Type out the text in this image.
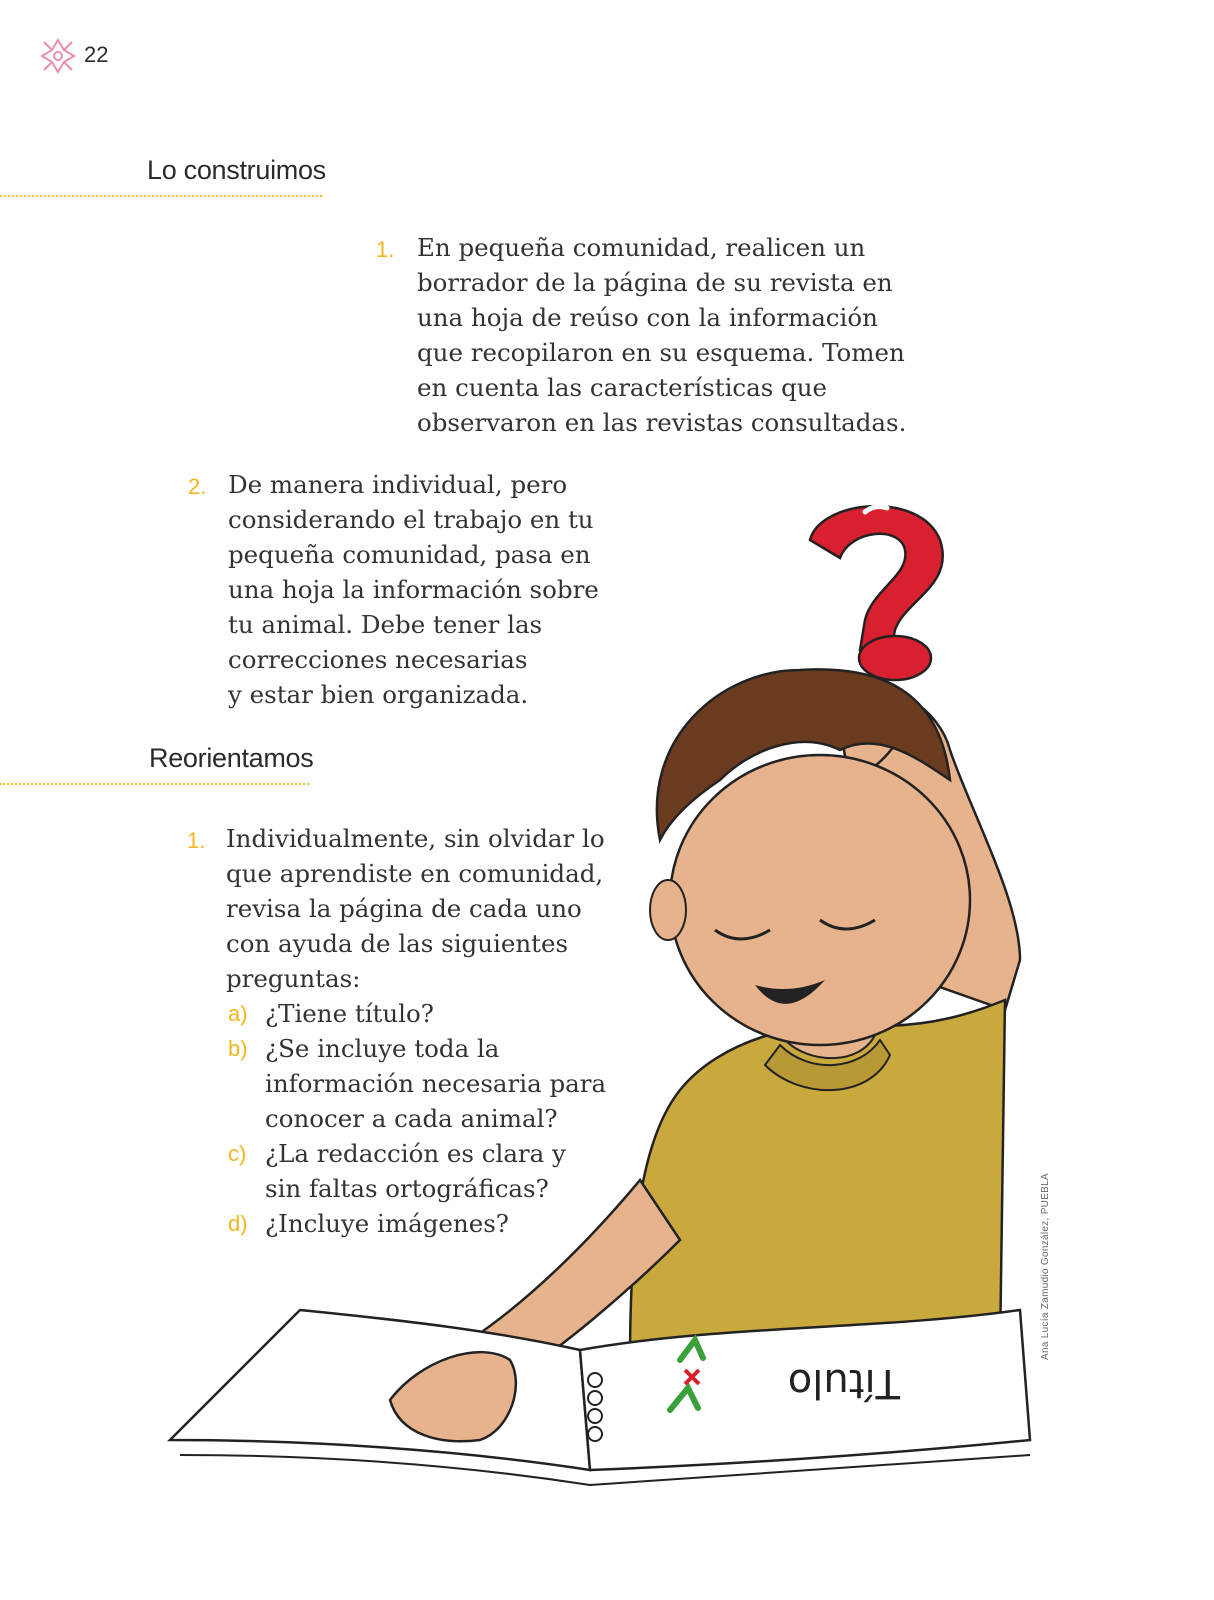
22
Lo construimos
1. En pequeña comunidad, realicen un
borrador de la página de su revista en
una hoja de reúso con la información
que recopilaron en su esquema. Tomen
en cuenta las características que
observaron en las revistas consultadas.
2. De manera individual, pero
considerando el trabajo en tu
pequeña comunidad, pasa en
una hoja la información sobre
tu animal. Debe tener las
correcciones necesarias
y estar bien organizada.
Reorientamos
1. Individualmente, sin olvidar lo
que aprendiste en comunidad,
revisa la página de cada uno
con ayuda de las siguientes
preguntas:
a) ¿Tiene título?
b) ¿Se incluye toda la
información necesaria para
conocer a cada animal?
c) ¿La redacción es clara y
sin faltas ortográficas?
d) ¿Incluye imágenes?
Título
Ana Lucía Zamudio González, PUEBLA
